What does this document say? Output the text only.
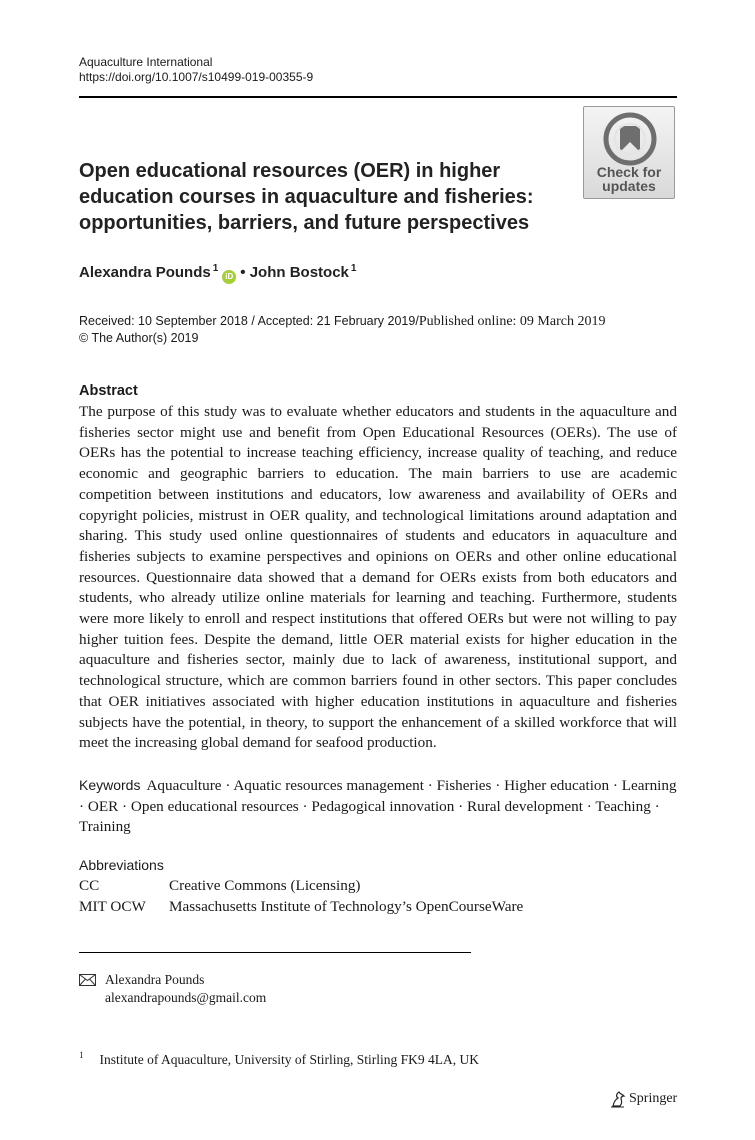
Aquaculture International
https://doi.org/10.1007/s10499-019-00355-9
Check for
updates
Open educational resources (OER) in higher education courses in aquaculture and fisheries: opportunities, barriers, and future perspectives
Alexandra Pounds $^1$iD • John Bostock $^1$
Received: 10 September 2018 / Accepted: 21 February 2019/Published online: 09 March 2019
© The Author(s) 2019
Abstract

The purpose of this study was to evaluate whether educators and students in the aquaculture and fisheries sector might use and benefit from Open Educational Resources (OERs). The use of OERs has the potential to increase teaching efficiency, increase quality of teaching, and reduce economic and geographic barriers to education. The main barriers to use are academic competition between institutions and educators, low awareness and availability of OERs and copyright policies, mistrust in OER quality, and technological limitations around adaptation and sharing. This study used online questionnaires of students and educators in aquaculture and fisheries subjects to examine perspectives and opinions on OERs and other online educational resources. Questionnaire data showed that a demand for OERs exists from both educators and students, who already utilize online materials for learning and teaching. Furthermore, students were more likely to enroll and respect institutions that offered OERs but were not willing to pay higher tuition fees. Despite the demand, little OER material exists for higher education in the aquaculture and fisheries sector, mainly due to lack of awareness, institutional support, and technological structure, which are common barriers found in other sectors. This paper concludes that OER initiatives associated with higher education institutions in aquaculture and fisheries subjects have the potential, in theory, to support the enhancement of a skilled workforce that will meet the increasing global demand for seafood production.

Keywords Aquaculture · Aquatic resources management · Fisheries · Higher education · Learning · OER · Open educational resources · Pedagogical innovation · Rural development · Teaching · Training
Abbreviations
CC	Creative Commons (Licensing)
MIT OCW	Massachusetts Institute of Technology’s OpenCourseWare
Alexandra Pounds
alexandrapounds@gmail.com
$^1$ Institute of Aquaculture, University of Stirling, Stirling FK9 4LA, UK
Springer
